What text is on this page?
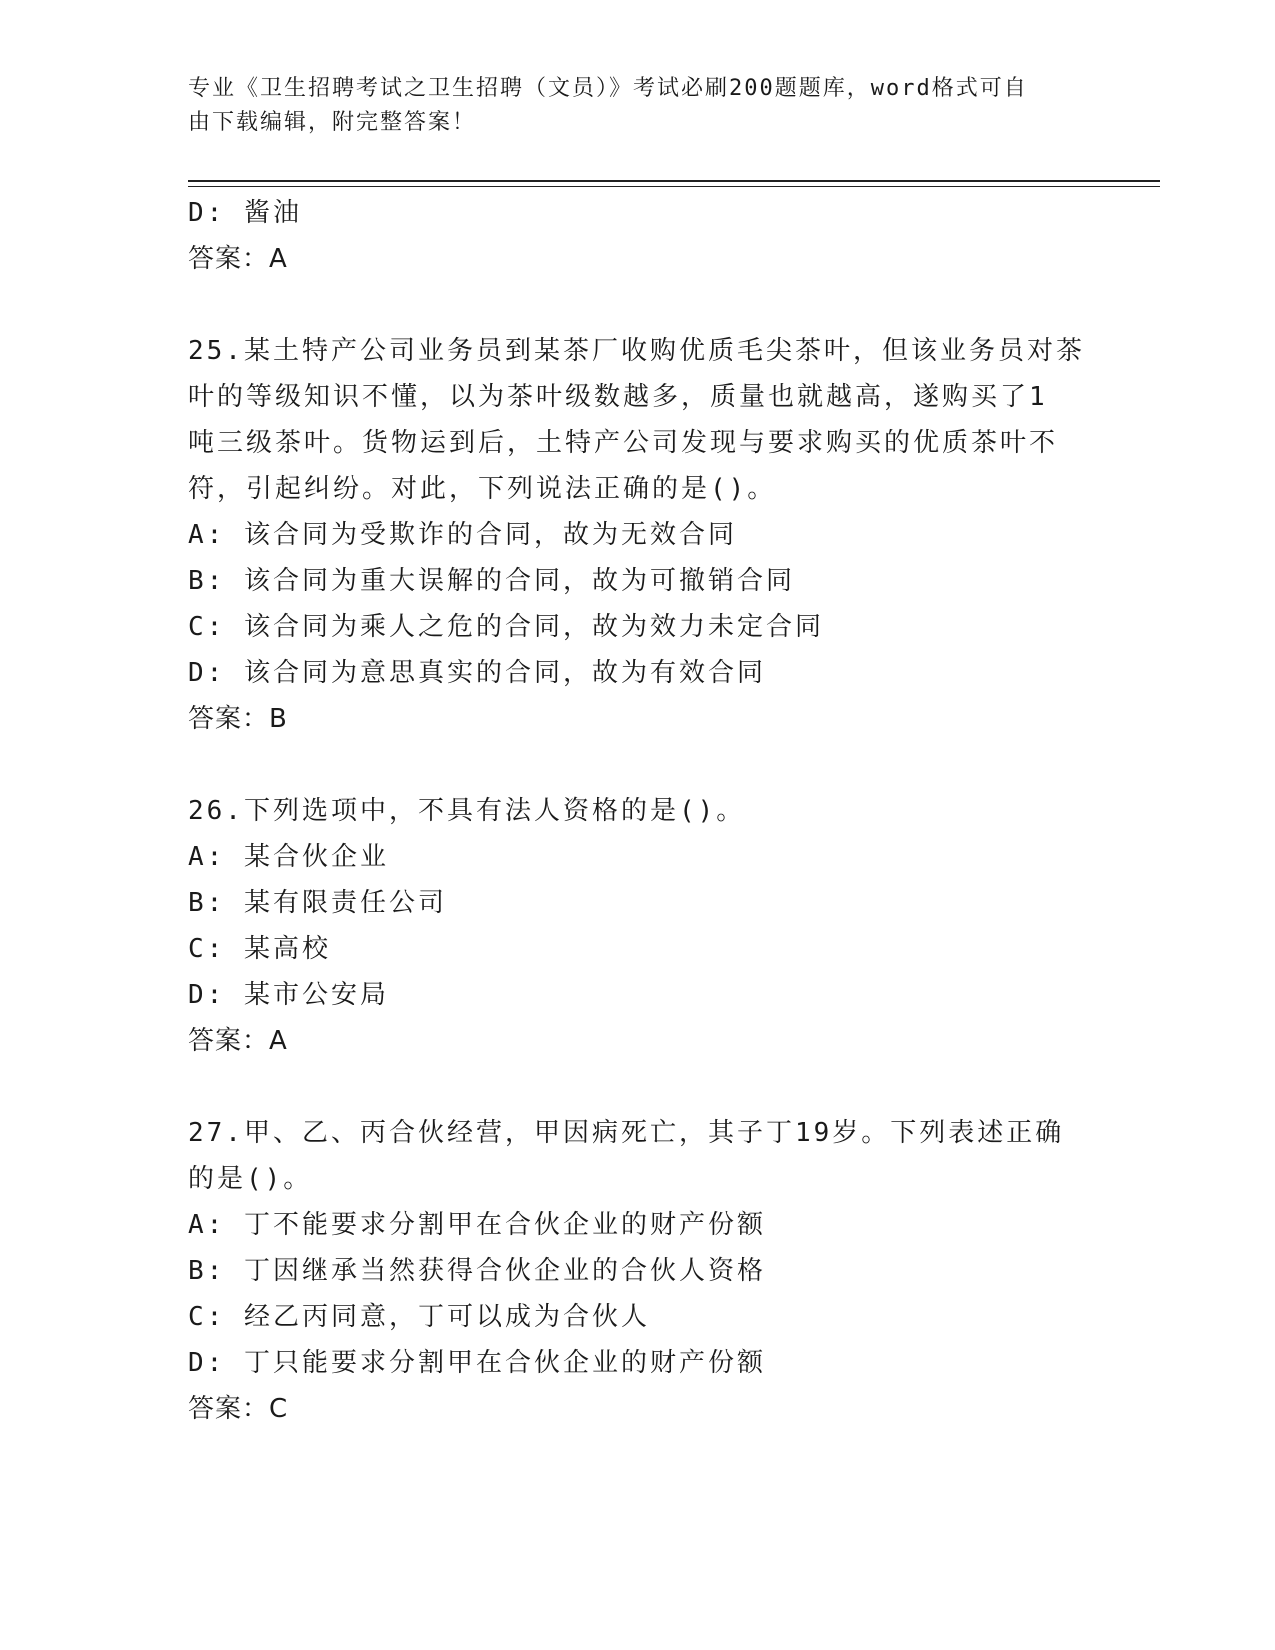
专业《卫生招聘考试之卫生招聘（文员）》考试必刷200题题库，word格式可自
由下载编辑，附完整答案！
D: 酱油
答案：A
25.某土特产公司业务员到某茶厂收购优质毛尖茶叶，但该业务员对茶
叶的等级知识不懂，以为茶叶级数越多，质量也就越高，遂购买了1
吨三级茶叶。货物运到后，土特产公司发现与要求购买的优质茶叶不
符，引起纠纷。对此，下列说法正确的是()。
A: 该合同为受欺诈的合同，故为无效合同
B: 该合同为重大误解的合同，故为可撤销合同
C: 该合同为乘人之危的合同，故为效力未定合同
D: 该合同为意思真实的合同，故为有效合同
答案：B
26.下列选项中，不具有法人资格的是()。
A: 某合伙企业
B: 某有限责任公司
C: 某高校
D: 某市公安局
答案：A
27.甲、乙、丙合伙经营，甲因病死亡，其子丁19岁。下列表述正确
的是()。
A: 丁不能要求分割甲在合伙企业的财产份额
B: 丁因继承当然获得合伙企业的合伙人资格
C: 经乙丙同意，丁可以成为合伙人
D: 丁只能要求分割甲在合伙企业的财产份额
答案：C
